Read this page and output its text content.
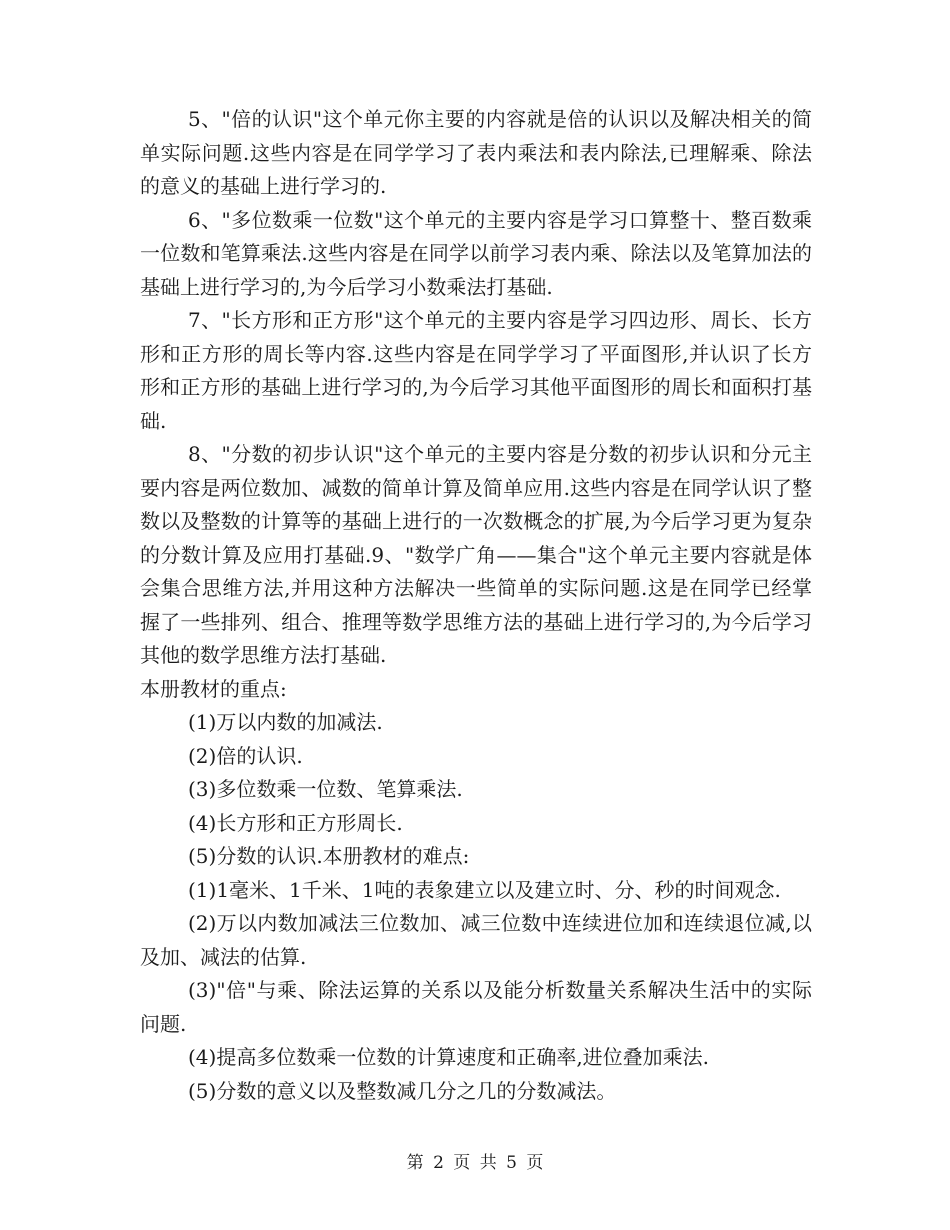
5、"倍的认识"这个单元你主要的内容就是倍的认识以及解决相关的简单实际问题.这些内容是在同学学习了表内乘法和表内除法,已理解乘、除法的意义的基础上进行学习的.

6、"多位数乘一位数"这个单元的主要内容是学习口算整十、整百数乘一位数和笔算乘法.这些内容是在同学以前学习表内乘、除法以及笔算加法的基础上进行学习的,为今后学习小数乘法打基础.

7、"长方形和正方形"这个单元的主要内容是学习四边形、周长、长方形和正方形的周长等内容.这些内容是在同学学习了平面图形,并认识了长方形和正方形的基础上进行学习的,为今后学习其他平面图形的周长和面积打基础.

8、"分数的初步认识"这个单元的主要内容是分数的初步认识和分元主要内容是两位数加、减数的简单计算及简单应用.这些内容是在同学认识了整数以及整数的计算等的基础上进行的一次数概念的扩展,为今后学习更为复杂的分数计算及应用打基础.9、"数学广角——集合"这个单元主要内容就是体会集合思维方法,并用这种方法解决一些简单的实际问题.这是在同学已经掌握了一些排列、组合、推理等数学思维方法的基础上进行学习的,为今后学习其他的数学思维方法打基础.

本册教材的重点:

(1)万以内数的加减法.

(2)倍的认识.

(3)多位数乘一位数、笔算乘法.

(4)长方形和正方形周长.

(5)分数的认识.本册教材的难点:

(1)1毫米、1千米、1吨的表象建立以及建立时、分、秒的时间观念.

(2)万以内数加减法三位数加、减三位数中连续进位加和连续退位减,以及加、减法的估算.

(3)"倍"与乘、除法运算的关系以及能分析数量关系解决生活中的实际问题.

(4)提高多位数乘一位数的计算速度和正确率,进位叠加乘法.

(5)分数的意义以及整数减几分之几的分数减法。

第 2 页 共 5 页
